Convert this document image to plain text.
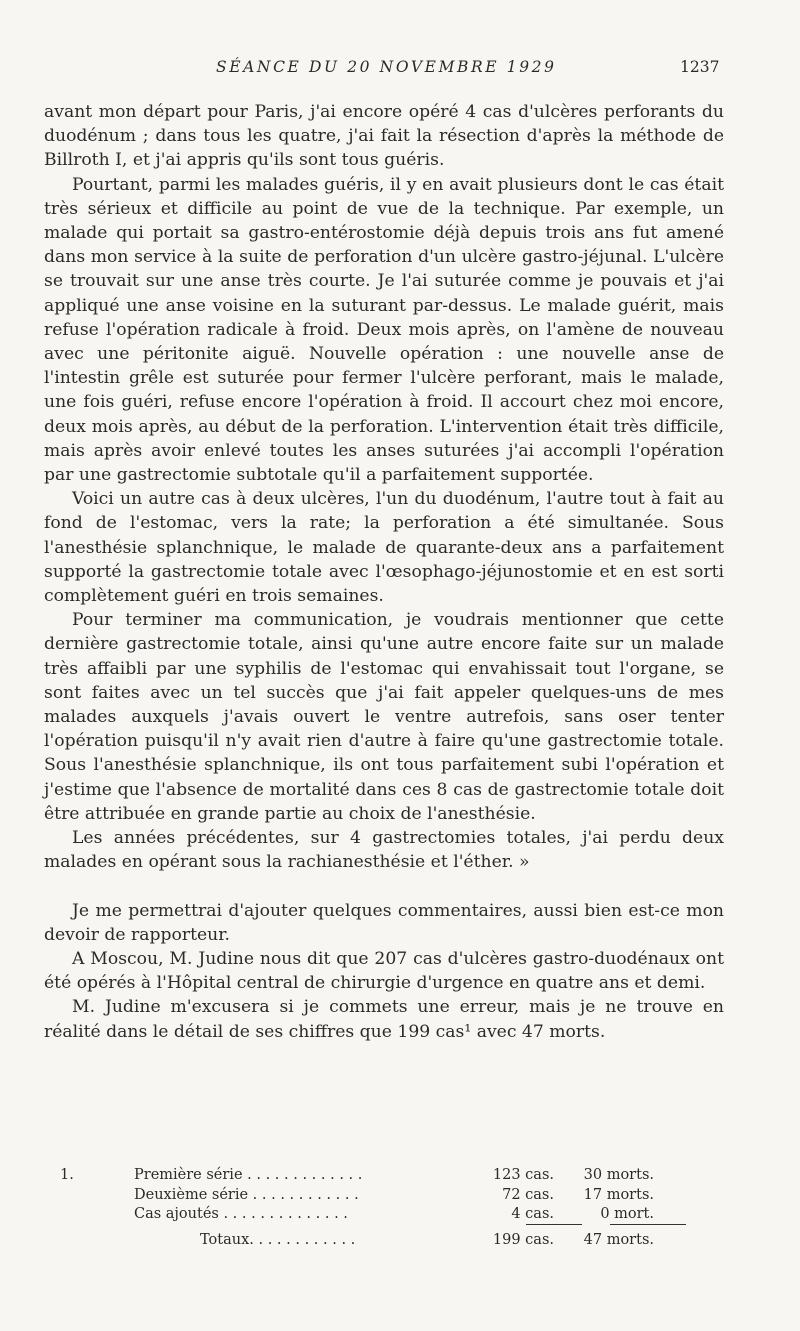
SÉANCE DU 20 NOVEMBRE 1929	1237

avant mon départ pour Paris, j'ai encore opéré 4 cas d'ulcères perforants du duodénum ; dans tous les quatre, j'ai fait la résection d'après la méthode de Billroth I, et j'ai appris qu'ils sont tous guéris.

Pourtant, parmi les malades guéris, il y en avait plusieurs dont le cas était très sérieux et difficile au point de vue de la technique. Par exemple, un malade qui portait sa gastro-entérostomie déjà depuis trois ans fut amené dans mon service à la suite de perforation d'un ulcère gastro-jéjunal. L'ulcère se trouvait sur une anse très courte. Je l'ai suturée comme je pouvais et j'ai appliqué une anse voisine en la suturant par-dessus. Le malade guérit, mais refuse l'opération radicale à froid. Deux mois après, on l'amène de nouveau avec une péritonite aiguë. Nouvelle opération : une nouvelle anse de l'intestin grêle est suturée pour fermer l'ulcère perforant, mais le malade, une fois guéri, refuse encore l'opération à froid. Il accourt chez moi encore, deux mois après, au début de la perforation. L'intervention était très difficile, mais après avoir enlevé toutes les anses suturées j'ai accompli l'opération par une gastrectomie subtotale qu'il a parfaitement supportée.

Voici un autre cas à deux ulcères, l'un du duodénum, l'autre tout à fait au fond de l'estomac, vers la rate; la perforation a été simultanée. Sous l'anesthésie splanchnique, le malade de quarante-deux ans a parfaitement supporté la gastrectomie totale avec l'œsophago-jéjunostomie et en est sorti complètement guéri en trois semaines.

Pour terminer ma communication, je voudrais mentionner que cette dernière gastrectomie totale, ainsi qu'une autre encore faite sur un malade très affaibli par une syphilis de l'estomac qui envahissait tout l'organe, se sont faites avec un tel succès que j'ai fait appeler quelques-uns de mes malades auxquels j'avais ouvert le ventre autrefois, sans oser tenter l'opération puisqu'il n'y avait rien d'autre à faire qu'une gastrectomie totale. Sous l'anesthésie splanchnique, ils ont tous parfaitement subi l'opération et j'estime que l'absence de mortalité dans ces 8 cas de gastrectomie totale doit être attribuée en grande partie au choix de l'anesthésie.

Les années précédentes, sur 4 gastrectomies totales, j'ai perdu deux malades en opérant sous la rachianesthésie et l'éther. »

Je me permettrai d'ajouter quelques commentaires, aussi bien est-ce mon devoir de rapporteur.

A Moscou, M. Judine nous dit que 207 cas d'ulcères gastro-duodénaux ont été opérés à l'Hôpital central de chirurgie d'urgence en quatre ans et demi.

M. Judine m'excusera si je commets une erreur, mais je ne trouve en réalité dans le détail de ses chiffres que 199 cas¹ avec 47 morts.

1.	Première série . . . . . . . . . . . . .	123 cas. 30 morts.
Deuxième série . . . . . . . . . . . .	72 cas. 17 morts.
Cas ajoutés . . . . . . . . . . . . . .	4 cas.	0 mort.
Totaux. . . . . . . . . . . .	199 cas. 47 morts.
